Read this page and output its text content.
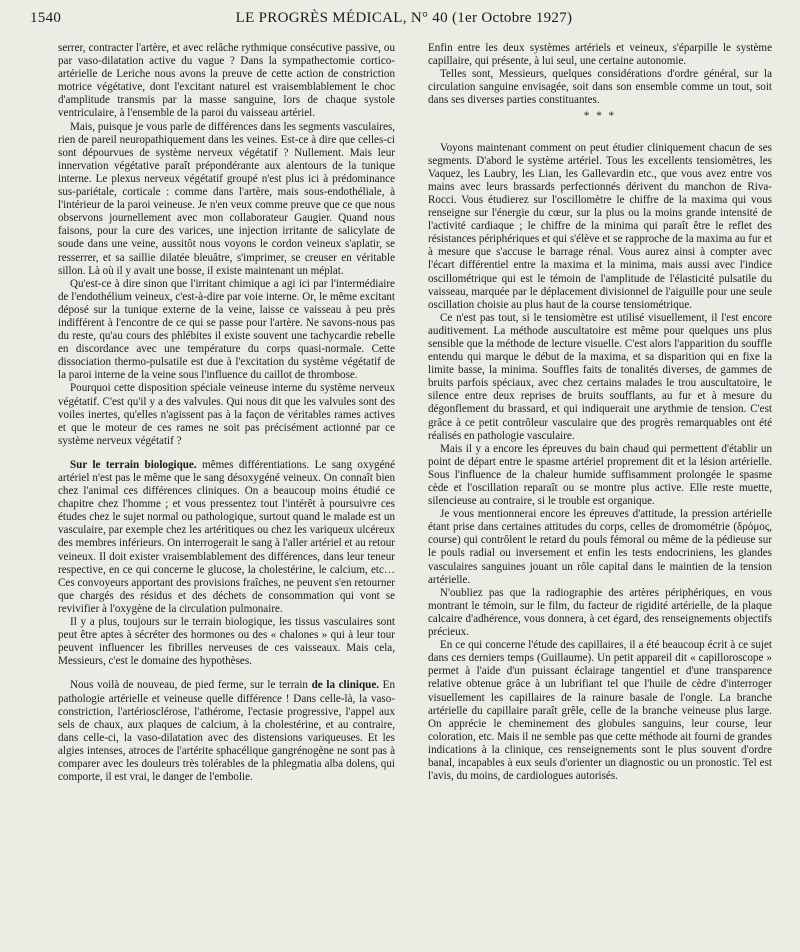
1540	LE PROGRÈS MÉDICAL, N° 40 (1er Octobre 1927)

serrer, contracter l'artère, et avec relâche rythmique consécutive passive, ou par vaso-dilatation active du vague ? Dans la sympathectomie cortico-artérielle de Leriche nous avons la preuve de cette action de constriction motrice végétative, dont l'excitant naturel est vraisemblablement le choc d'amplitude transmis par la masse sanguine, lors de chaque systole ventriculaire, à l'ensemble de la paroi du vaisseau artériel.

Mais, puisque je vous parle de différences dans les segments vasculaires, rien de pareil neuropathiquement dans les veines. Est-ce à dire que celles-ci sont dépourvues de système nerveux végétatif ? Nullement. Mais leur innervation végétative paraît prépondérante aux alentours de la tunique interne. Le plexus nerveux végétatif groupé n'est plus ici à prédominance sus-pariétale, corticale : comme dans l'artère, mais sous-endothéliale, à l'intérieur de la paroi veineuse. Je n'en veux comme preuve que ce que nous observons journellement avec mon collaborateur Gaugier. Quand nous faisons, pour la cure des varices, une injection irritante de salicylate de soude dans une veine, aussitôt nous voyons le cordon veineux s'aplatir, se resserrer, et sa saillie dilatée bleuâtre, s'imprimer, se creuser en véritable sillon. Là où il y avait une bosse, il existe maintenant un méplat.

Qu'est-ce à dire sinon que l'irritant chimique a agi ici par l'intermédiaire de l'endothélium veineux, c'est-à-dire par voie interne. Or, le même excitant déposé sur la tunique externe de la veine, laisse ce vaisseau à peu près indifférent à l'encontre de ce qui se passe pour l'artère. Ne savons-nous pas du reste, qu'au cours des phlébites il existe souvent une tachycardie rebelle en discordance avec une température du corps quasi-normale. Cette dissociation thermo-pulsatile est due à l'excitation du système végétatif de la paroi interne de la veine sous l'influence du caillot de thrombose.

Pourquoi cette disposition spéciale veineuse interne du système nerveux végétatif. C'est qu'il y a des valvules. Qui nous dit que les valvules sont des voiles inertes, qu'elles n'agissent pas à la façon de véritables rames actives et que le moteur de ces rames ne soit pas précisément actionné par ce système nerveux végétatif ?

Sur le terrain biologique. mêmes différentiations. Le sang oxygéné artériel n'est pas le même que le sang désoxygéné veineux. On connaît bien chez l'animal ces différences cliniques. On a beaucoup moins étudié ce chapitre chez l'homme ; et vous pressentez tout l'intérêt à poursuivre ces études chez le sujet normal ou pathologique, surtout quand le malade est un vasculaire, par exemple chez les artéritiques ou chez les variqueux ulcéreux des membres inférieurs. On interrogerait le sang à l'aller artériel et au retour veineux. Il doit exister vraisemblablement des différences, dans leur teneur respective, en ce qui concerne le glucose, la cholestérine, le calcium, etc… Ces convoyeurs apportant des provisions fraîches, ne peuvent s'en retourner que chargés des résidus et des déchets de consommation qui vont se revivifier à l'oxygène de la circulation pulmonaire.

Il y a plus, toujours sur le terrain biologique, les tissus vasculaires sont peut être aptes à sécréter des hormones ou des « chalones » qui à leur tour peuvent influencer les fibrilles nerveuses de ces vaisseaux. Mais cela, Messieurs, c'est le domaine des hypothèses.

Nous voilà de nouveau, de pied ferme, sur le terrain de la clinique. En pathologie artérielle et veineuse quelle différence ! Dans celle-là, la vaso-constriction, l'artériosclérose, l'athérome, l'ectasie progressive, l'appel aux sels de chaux, aux plaques de calcium, à la cholestérine, et au contraire, dans celle-ci, la vaso-dilatation avec des distensions variqueuses. Et les algies intenses, atroces de l'artérite sphacélique gangrénogène ne sont pas à comparer avec les douleurs très tolérables de la phlegmatia alba dolens, qui comporte, il est vrai, le danger de l'embolie.

Enfin entre les deux systèmes artériels et veineux, s'éparpille le système capillaire, qui présente, à lui seul, une certaine autonomie.

Telles sont, Messieurs, quelques considérations d'ordre général, sur la circulation sanguine envisagée, soit dans son ensemble comme un tout, soit dans ses diverses parties constituantes.

* * *

Voyons maintenant comment on peut étudier cliniquement chacun de ses segments. D'abord le système artériel. Tous les excellents tensiomètres, les Vaquez, les Laubry, les Lian, les Gallevardin etc., que vous avez entre vos mains avec leurs brassards perfectionnés dérivent du manchon de Riva-Rocci. Vous étudierez sur l'oscillomètre le chiffre de la maxima qui vous renseigne sur l'énergie du cœur, sur la plus ou la moins grande intensité de l'activité cardiaque ; le chiffre de la minima qui paraît être le reflet des résistances périphériques et qui s'élève et se rapproche de la maxima au fur et à mesure que s'accuse le barrage rénal. Vous aurez ainsi à compter avec l'écart différentiel entre la maxima et la minima, mais aussi avec l'indice oscillométrique qui est le témoin de l'amplitude de l'élasticité pulsatile du vaisseau, marquée par le déplacement divisionnel de l'aiguille pour une seule oscillation choisie au plus haut de la course tensiométrique.

Ce n'est pas tout, si le tensiomètre est utilisé visuellement, il l'est encore auditivement. La méthode auscultatoire est même pour quelques uns plus sensible que la méthode de lecture visuelle. C'est alors l'apparition du souffle entendu qui marque le début de la maxima, et sa disparition qui en fixe la limite basse, la minima. Souffles faits de tonalités diverses, de gammes de bruits parfois spéciaux, avec chez certains malades le trou auscultatoire, le silence entre deux reprises de bruits soufflants, au fur et à mesure du dégonflement du brassard, et qui indiquerait une arythmie de tension. C'est grâce à ce petit contrôleur vasculaire que des progrès remarquables ont été réalisés en pathologie vasculaire.

Mais il y a encore les épreuves du bain chaud qui permettent d'établir un point de départ entre le spasme artériel proprement dit et la lésion artérielle. Sous l'influence de la chaleur humide suffisamment prolongée le spasme cède et l'oscillation reparaît ou se montre plus active. Elle reste muette, silencieuse au contraire, si le trouble est organique.

Je vous mentionnerai encore les épreuves d'attitude, la pression artérielle étant prise dans certaines attitudes du corps, celles de dromométrie (δρόμος, course) qui contrôlent le retard du pouls fémoral ou même de la pédieuse sur le pouls radial ou inversement et enfin les tests endocriniens, les glandes vasculaires sanguines jouant un rôle capital dans le maintien de la tension artérielle.

N'oubliez pas que la radiographie des artères périphériques, en vous montrant le témoin, sur le film, du facteur de rigidité artérielle, de la plaque calcaire d'adhérence, vous donnera, à cet égard, des renseignements objectifs précieux.

En ce qui concerne l'étude des capillaires, il a été beaucoup écrit à ce sujet dans ces derniers temps (Guillaume). Un petit appareil dit « capilloroscope » permet à l'aide d'un puissant éclairage tangentiel et d'une transparence relative obtenue grâce à un lubrifiant tel que l'huile de cèdre d'interroger visuellement les capillaires de la rainure basale de l'ongle. La branche artérielle du capillaire paraît grêle, celle de la branche veineuse plus large. On apprécie le cheminement des globules sanguins, leur course, leur coloration, etc. Mais il ne semble pas que cette méthode ait fourni de grandes indications à la clinique, ces renseignements sont le plus souvent d'ordre banal, incapables à eux seuls d'orienter un diagnostic ou un pronostic. Tel est l'avis, du moins, de cardiologues autorisés.
